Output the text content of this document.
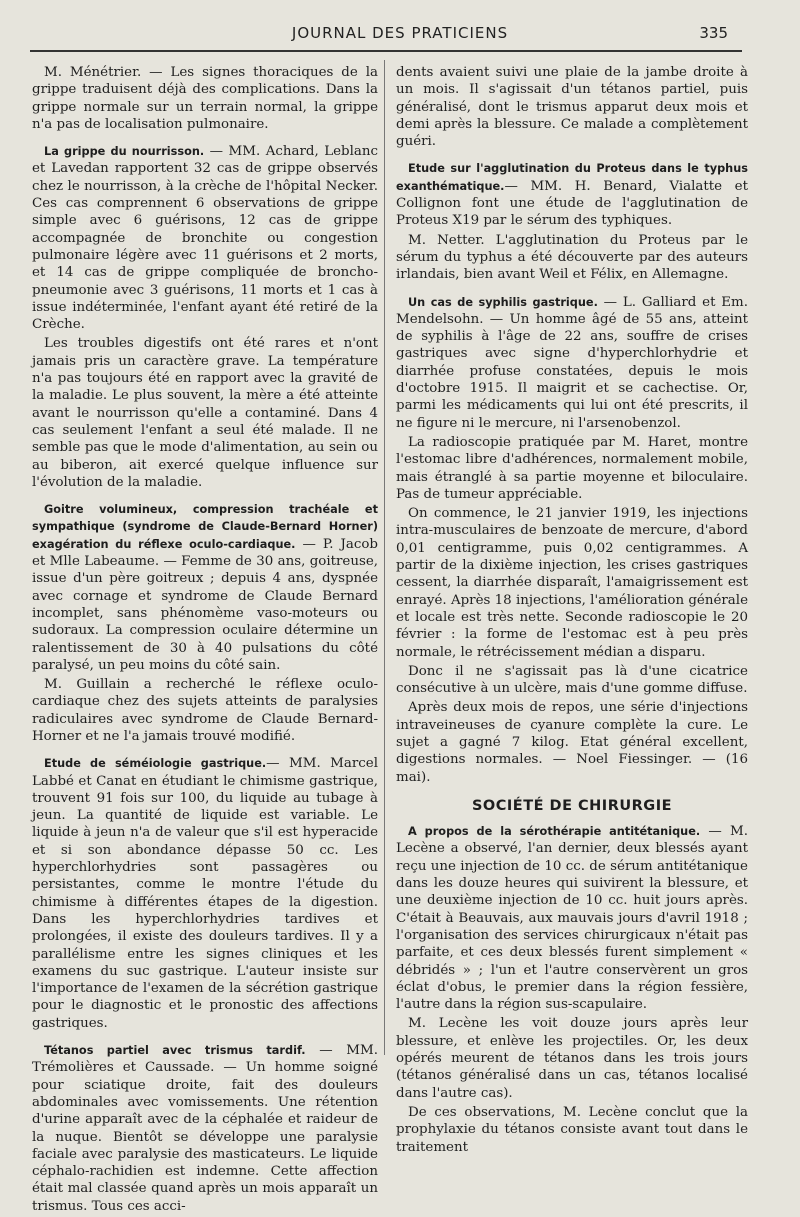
JOURNAL DES PRATICIENS	335

M. Ménétrier. — Les signes thoraciques de la grippe traduisent déjà des complications. Dans la grippe normale sur un terrain normal, la grippe n'a pas de localisation pulmonaire.

La grippe du nourrisson. — MM. Achard, Leblanc et Lavedan rapportent 32 cas de grippe observés chez le nourrisson, à la crèche de l'hôpital Necker. Ces cas comprennent 6 observations de grippe simple avec 6 guérisons, 12 cas de grippe accompagnée de bronchite ou congestion pulmonaire légère avec 11 guérisons et 2 morts, et 14 cas de grippe compliquée de broncho-pneumonie avec 3 guérisons, 11 morts et 1 cas à issue indéterminée, l'enfant ayant été retiré de la Crèche.

Les troubles digestifs ont été rares et n'ont jamais pris un caractère grave. La température n'a pas toujours été en rapport avec la gravité de la maladie. Le plus souvent, la mère a été atteinte avant le nourrisson qu'elle a contaminé. Dans 4 cas seulement l'enfant a seul été malade. Il ne semble pas que le mode d'alimentation, au sein ou au biberon, ait exercé quelque influence sur l'évolution de la maladie.

Goitre volumineux, compression trachéale et sympathique (syndrome de Claude-Bernard Horner) exagération du réflexe oculo-cardiaque. — P. Jacob et Mlle Labeaume. — Femme de 30 ans, goitreuse, issue d'un père goitreux ; depuis 4 ans, dyspnée avec cornage et syndrome de Claude Bernard incomplet, sans phénomème vaso-moteurs ou sudoraux. La compression oculaire détermine un ralentissement de 30 à 40 pulsations du côté paralysé, un peu moins du côté sain.

M. Guillain a recherché le réflexe oculo-cardiaque chez des sujets atteints de paralysies radiculaires avec syndrome de Claude Bernard-Horner et ne l'a jamais trouvé modifié.

Etude de séméiologie gastrique.— MM. Marcel Labbé et Canat en étudiant le chimisme gastrique, trouvent 91 fois sur 100, du liquide au tubage à jeun. La quantité de liquide est variable. Le liquide à jeun n'a de valeur que s'il est hyperacide et si son abondance dépasse 50 cc. Les hyperchlorhydries sont passagères ou persistantes, comme le montre l'étude du chimisme à différentes étapes de la digestion. Dans les hyperchlorhydries tardives et prolongées, il existe des douleurs tardives. Il y a parallélisme entre les signes cliniques et les examens du suc gastrique. L'auteur insiste sur l'importance de l'examen de la sécrétion gastrique pour le diagnostic et le pronostic des affections gastriques.

Tétanos partiel avec trismus tardif. — MM. Trémolières et Caussade. — Un homme soigné pour sciatique droite, fait des douleurs abdominales avec vomissements. Une rétention d'urine apparaît avec de la céphalée et raideur de la nuque. Bientôt se développe une paralysie faciale avec paralysie des masticateurs. Le liquide céphalo-rachidien est indemne. Cette affection était mal classée quand après un mois apparaît un trismus. Tous ces acci-

dents avaient suivi une plaie de la jambe droite à un mois. Il s'agissait d'un tétanos partiel, puis généralisé, dont le trismus apparut deux mois et demi après la blessure. Ce malade a complètement guéri.

Etude sur l'agglutination du Proteus dans le typhus exanthématique.— MM. H. Benard, Vialatte et Collignon font une étude de l'agglutination de Proteus X19 par le sérum des typhiques.

M. Netter. L'agglutination du Proteus par le sérum du typhus a été découverte par des auteurs irlandais, bien avant Weil et Félix, en Allemagne.

Un cas de syphilis gastrique. — L. Galliard et Em. Mendelsohn. — Un homme âgé de 55 ans, atteint de syphilis à l'âge de 22 ans, souffre de crises gastriques avec signe d'hyperchlorhydrie et diarrhée profuse constatées, depuis le mois d'octobre 1915. Il maigrit et se cachectise. Or, parmi les médicaments qui lui ont été prescrits, il ne figure ni le mercure, ni l'arsenobenzol.

La radioscopie pratiquée par M. Haret, montre l'estomac libre d'adhérences, normalement mobile, mais étranglé à sa partie moyenne et biloculaire. Pas de tumeur appréciable.

On commence, le 21 janvier 1919, les injections intra-musculaires de benzoate de mercure, d'abord 0,01 centigramme, puis 0,02 centigrammes. A partir de la dixième injection, les crises gastriques cessent, la diarrhée disparaît, l'amaigrissement est enrayé. Après 18 injections, l'amélioration générale et locale est très nette. Seconde radioscopie le 20 février : la forme de l'estomac est à peu près normale, le rétrécissement médian a disparu.

Donc il ne s'agissait pas là d'une cicatrice consécutive à un ulcère, mais d'une gomme diffuse.

Après deux mois de repos, une série d'injections intraveineuses de cyanure complète la cure. Le sujet a gagné 7 kilog. Etat général excellent, digestions normales. — Noel Fiessinger. — (16 mai).

SOCIÉTÉ DE CHIRURGIE

A propos de la sérothérapie antitétanique. — M. Lecène a observé, l'an dernier, deux blessés ayant reçu une injection de 10 cc. de sérum antitétanique dans les douze heures qui suivirent la blessure, et une deuxième injection de 10 cc. huit jours après. C'était à Beauvais, aux mauvais jours d'avril 1918 ; l'organisation des services chirurgicaux n'était pas parfaite, et ces deux blessés furent simplement « débridés » ; l'un et l'autre conservèrent un gros éclat d'obus, le premier dans la région fessière, l'autre dans la région sus-scapulaire.

M. Lecène les voit douze jours après leur blessure, et enlève les projectiles. Or, les deux opérés meurent de tétanos dans les trois jours (tétanos généralisé dans un cas, tétanos localisé dans l'autre cas).

De ces observations, M. Lecène conclut que la prophylaxie du tétanos consiste avant tout dans le traitement
